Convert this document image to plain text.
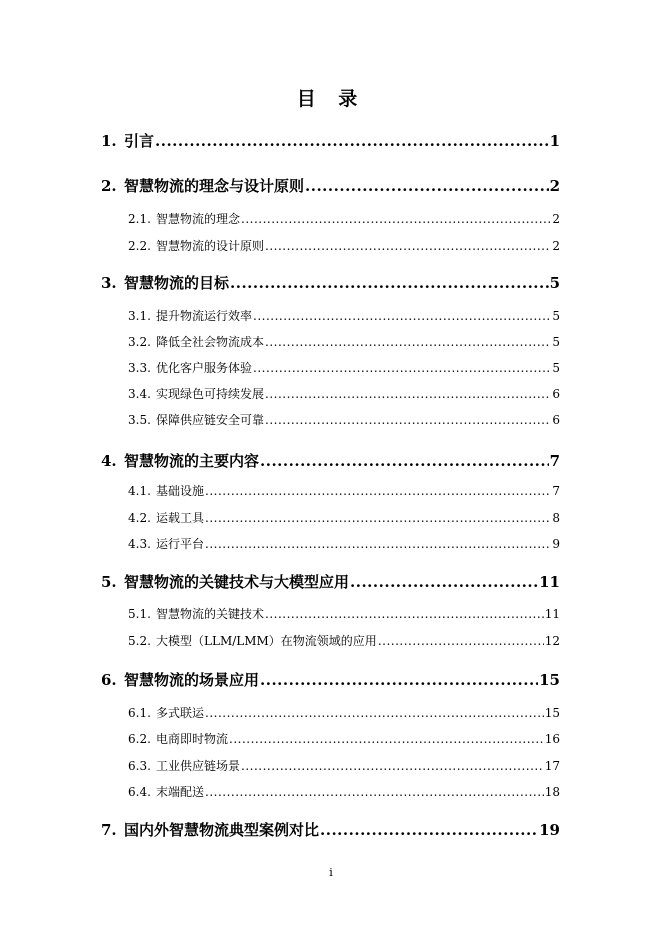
目 录
1. 引言 .....	1
2. 智慧物流的理念与设计原则 .....	2
2.1. 智慧物流的理念 .....	2
2.2. 智慧物流的设计原则 .....	2
3. 智慧物流的目标 .....	5
3.1. 提升物流运行效率 .....	5
3.2. 降低全社会物流成本 .....	5
3.3. 优化客户服务体验 .....	5
3.4. 实现绿色可持续发展 .....	6
3.5. 保障供应链安全可靠 .....	6
4. 智慧物流的主要内容 .....	7
4.1. 基础设施 .....	7
4.2. 运载工具 .....	8
4.3. 运行平台 .....	9
5. 智慧物流的关键技术与大模型应用 .....	11
5.1. 智慧物流的关键技术 .....	11
5.2. 大模型（LLM/LMM）在物流领域的应用 .....	12
6. 智慧物流的场景应用 .....	15
6.1. 多式联运 .....	15
6.2. 电商即时物流 .....	16
6.3. 工业供应链场景 .....	17
6.4. 末端配送 .....	18
7. 国内外智慧物流典型案例对比 .....	19
i
